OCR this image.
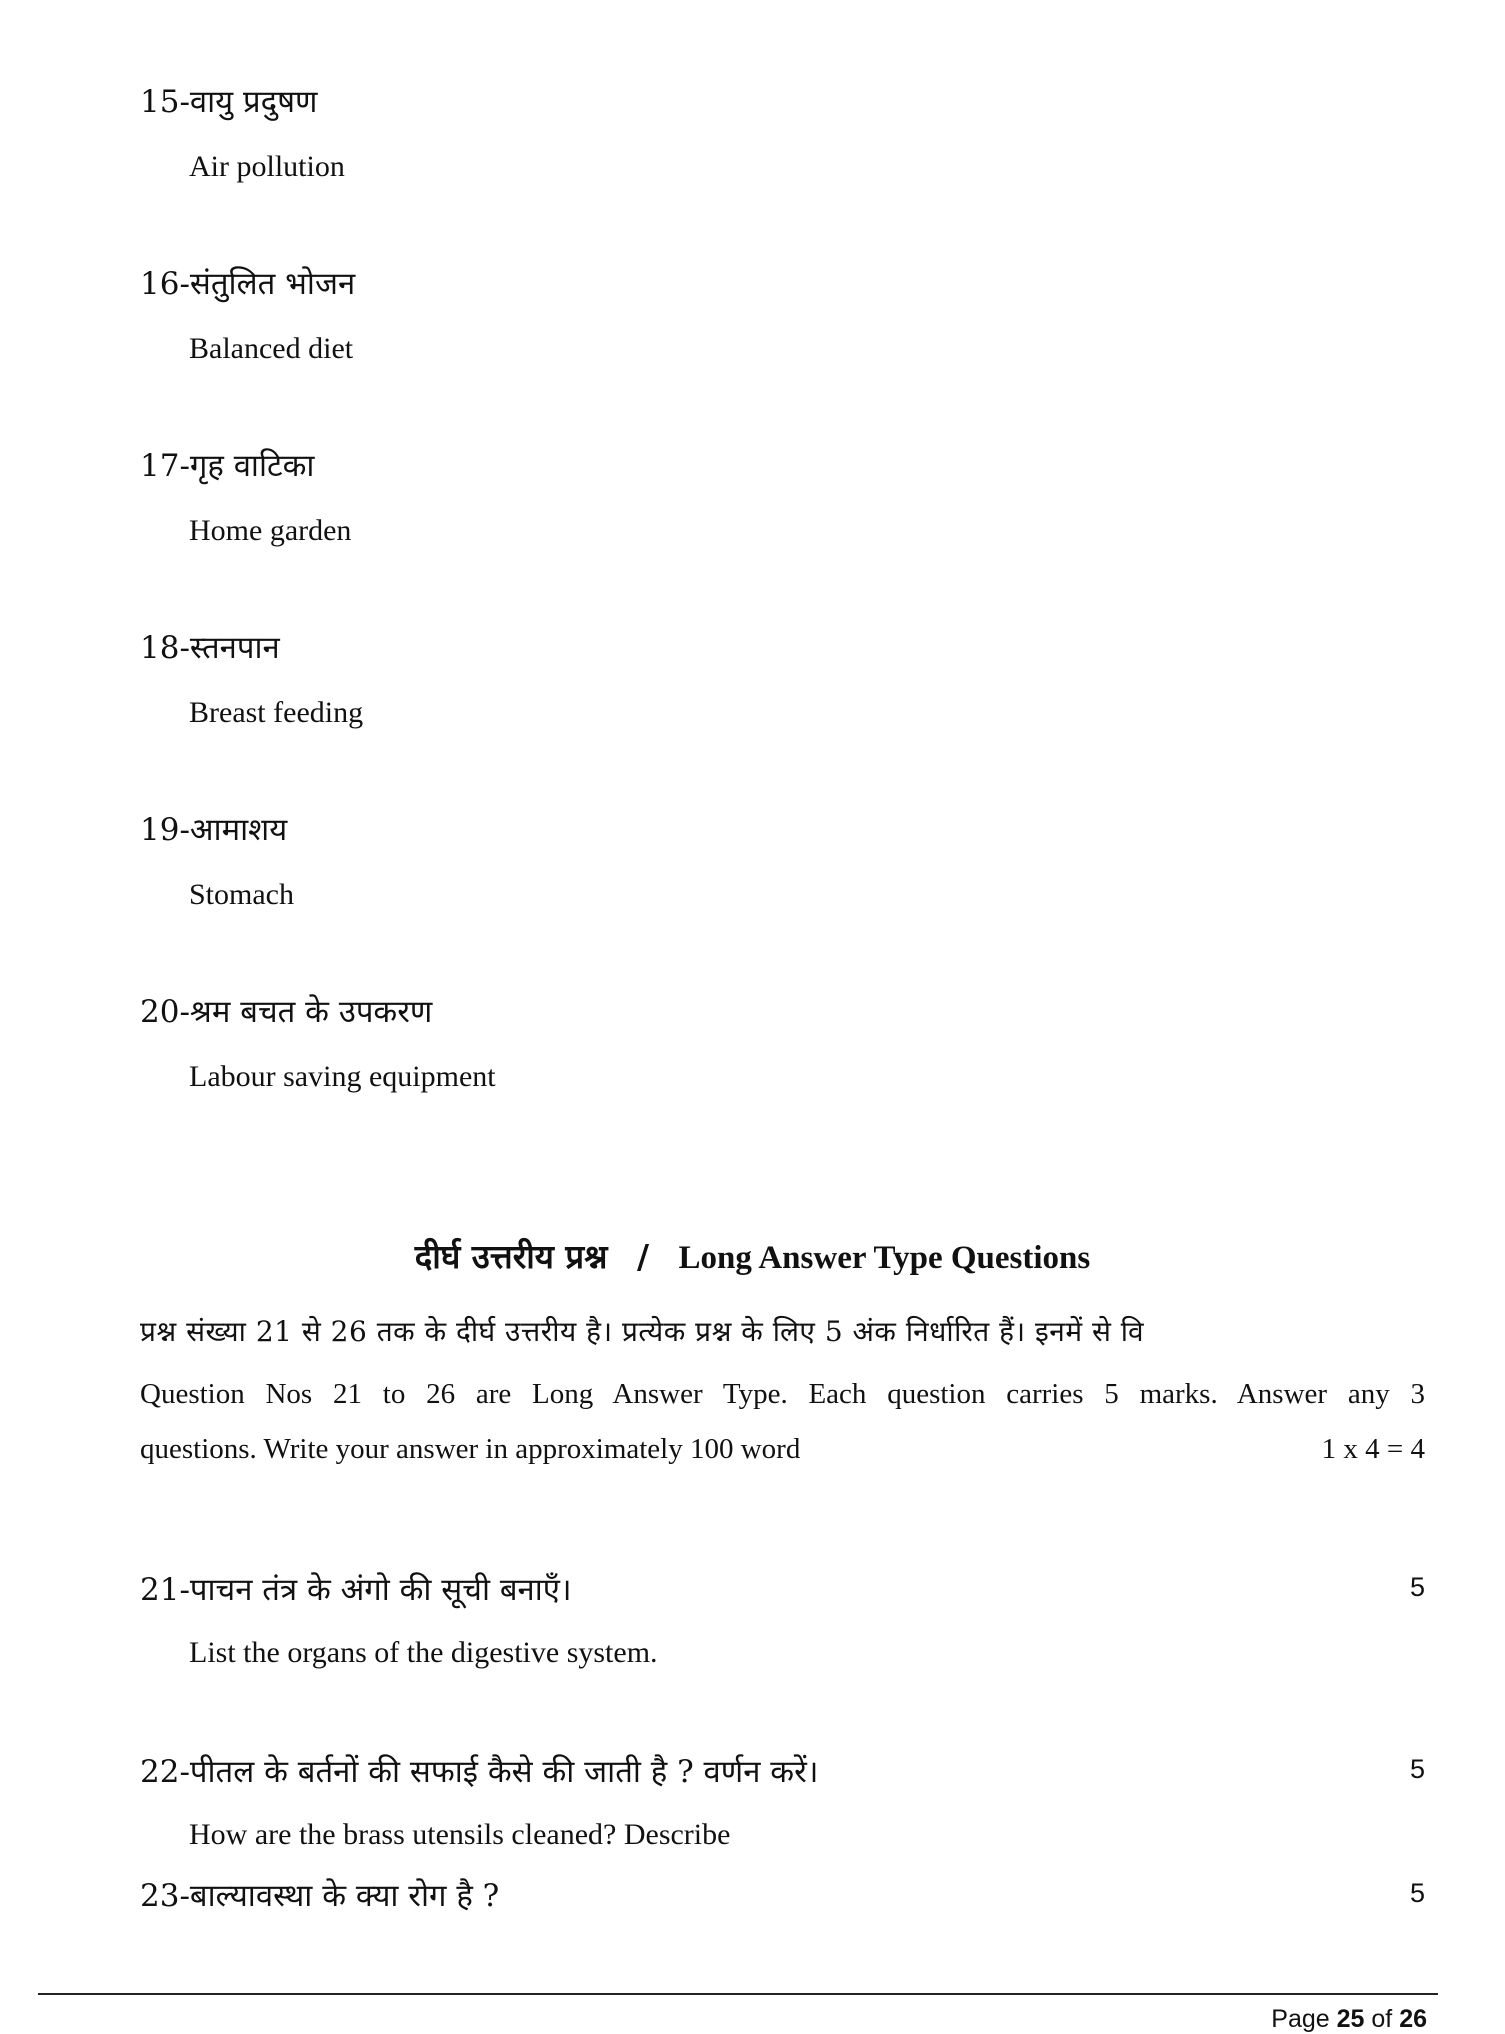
15-वायु प्रदुषण
Air pollution
16-संतुलित भोजन
Balanced diet
17-गृह वाटिका
Home garden
18-स्तनपान
Breast feeding
19-आमाशय
Stomach
20-श्रम बचत के उपकरण
Labour saving equipment
दीर्घ उत्तरीय प्रश्न / Long Answer Type Questions
प्रश्न संख्या 21 से 26 तक के दीर्घ उत्तरीय है। प्रत्येक प्रश्न के लिए 5 अंक निर्धारित हैं। इनमें से वि
Question Nos 21 to 26 are Long Answer Type. Each question carries 5 marks. Answer any 3
questions. Write your answer in approximately 100 word	1 x 4 = 4
21-पाचन तंत्र के अंगो की सूची बनाएँ।	5
List the organs of the digestive system.
22-पीतल के बर्तनों की सफाई कैसे की जाती है ? वर्णन करें।	5
How are the brass utensils cleaned? Describe
23-बाल्यावस्था के क्या रोग है ?	5
Page 25 of 26
